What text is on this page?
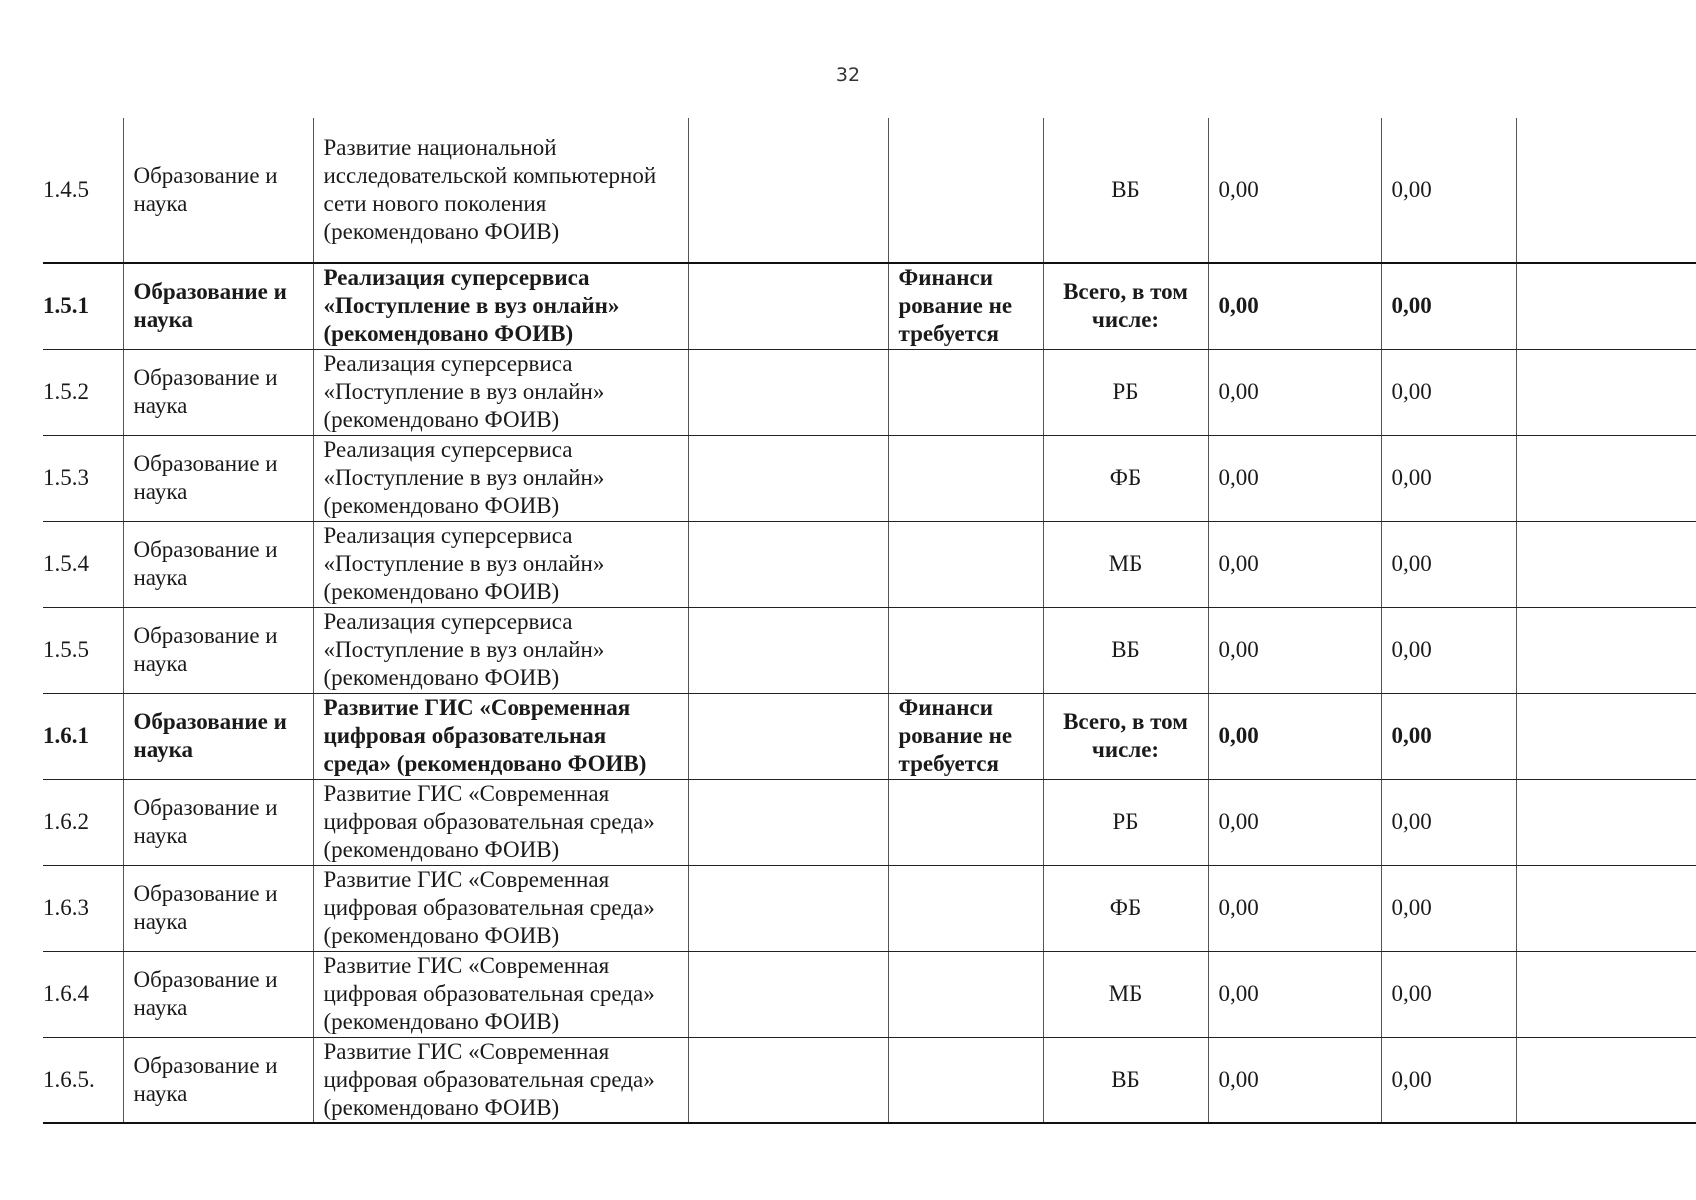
32
1.4.5	Образование и наука	Развитие национальной исследовательской компьютерной сети нового поколения (рекомендовано ФОИВ)			ВБ	0,00	0,00	
1.5.1	Образование и наука	Реализация суперсервиса «Поступление в вуз онлайн» (рекомендовано ФОИВ)		Финанси рование не требуется	Всего, в том числе:	0,00	0,00	
1.5.2	Образование и наука	Реализация суперсервиса «Поступление в вуз онлайн» (рекомендовано ФОИВ)			РБ	0,00	0,00	
1.5.3	Образование и наука	Реализация суперсервиса «Поступление в вуз онлайн» (рекомендовано ФОИВ)			ФБ	0,00	0,00	
1.5.4	Образование и наука	Реализация суперсервиса «Поступление в вуз онлайн» (рекомендовано ФОИВ)			МБ	0,00	0,00	
1.5.5	Образование и наука	Реализация суперсервиса «Поступление в вуз онлайн» (рекомендовано ФОИВ)			ВБ	0,00	0,00	
1.6.1	Образование и наука	Развитие ГИС «Современная цифровая образовательная среда» (рекомендовано ФОИВ)		Финанси рование не требуется	Всего, в том числе:	0,00	0,00	
1.6.2	Образование и наука	Развитие ГИС «Современная цифровая образовательная среда» (рекомендовано ФОИВ)			РБ	0,00	0,00	
1.6.3	Образование и наука	Развитие ГИС «Современная цифровая образовательная среда» (рекомендовано ФОИВ)			ФБ	0,00	0,00	
1.6.4	Образование и наука	Развитие ГИС «Современная цифровая образовательная среда» (рекомендовано ФОИВ)			МБ	0,00	0,00	
1.6.5.	Образование и наука	Развитие ГИС «Современная цифровая образовательная среда» (рекомендовано ФОИВ)			ВБ	0,00	0,00	
